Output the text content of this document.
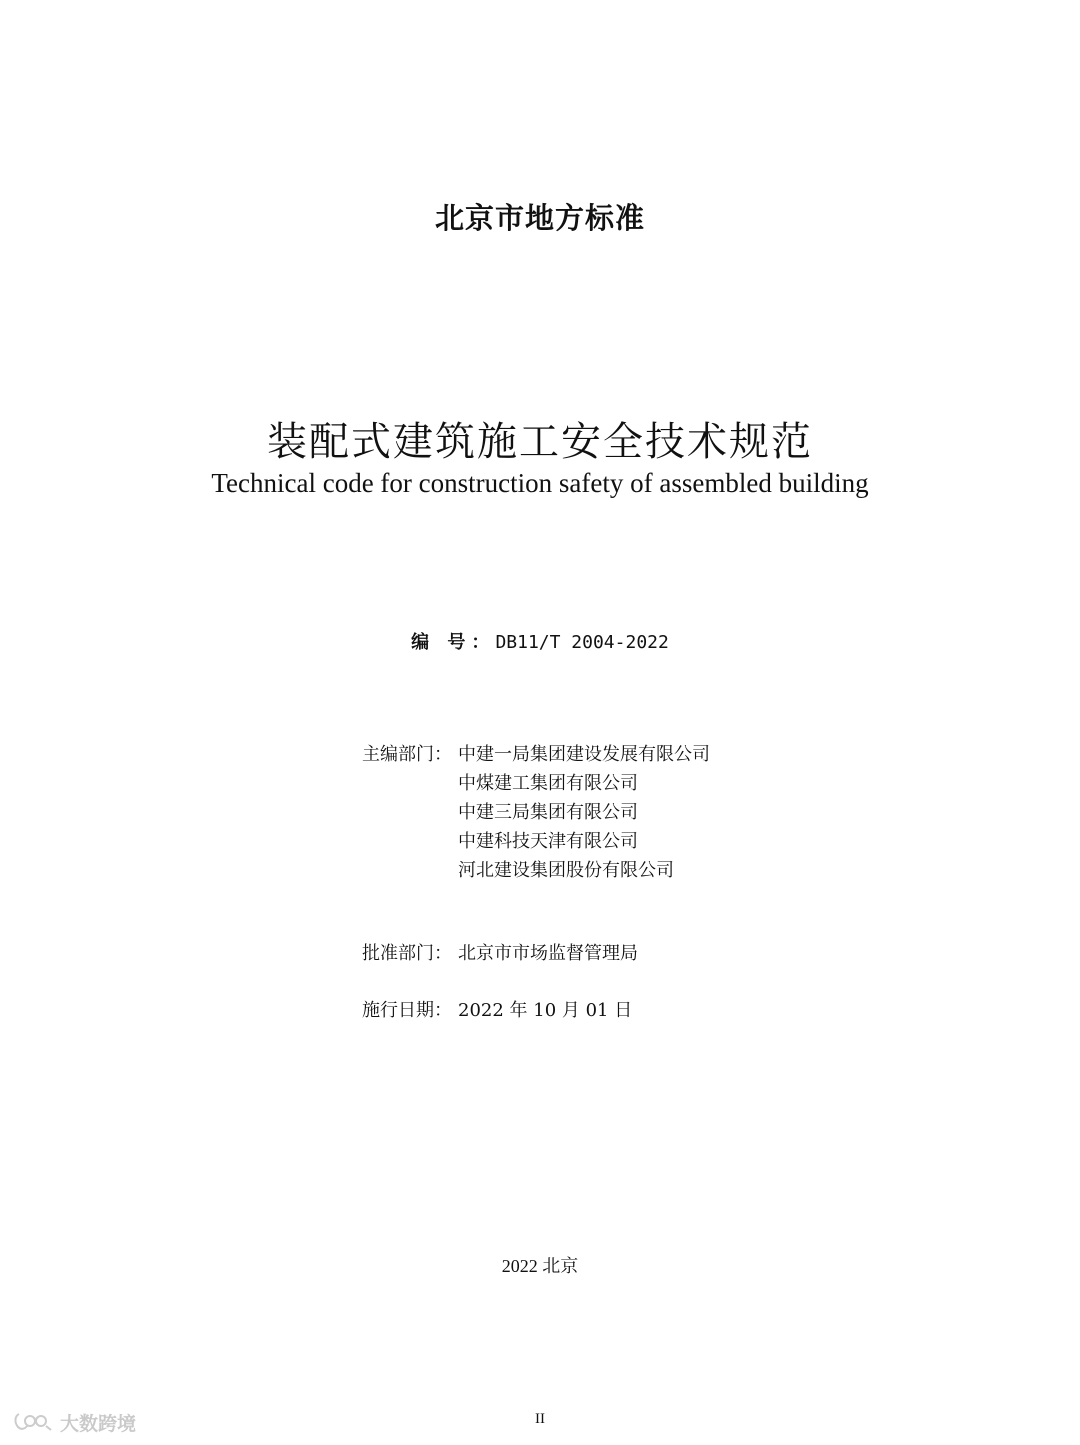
北京市地方标准
装配式建筑施工安全技术规范
Technical code for construction safety of assembled building
编 号：DB11/T 2004-2022
主编部门： 中建一局集团建设发展有限公司
中煤建工集团有限公司
中建三局集团有限公司
中建科技天津有限公司
河北建设集团股份有限公司
批准部门： 北京市市场监督管理局
施行日期： 2022 年 10 月 01 日
2022 北京
II
大数跨境
